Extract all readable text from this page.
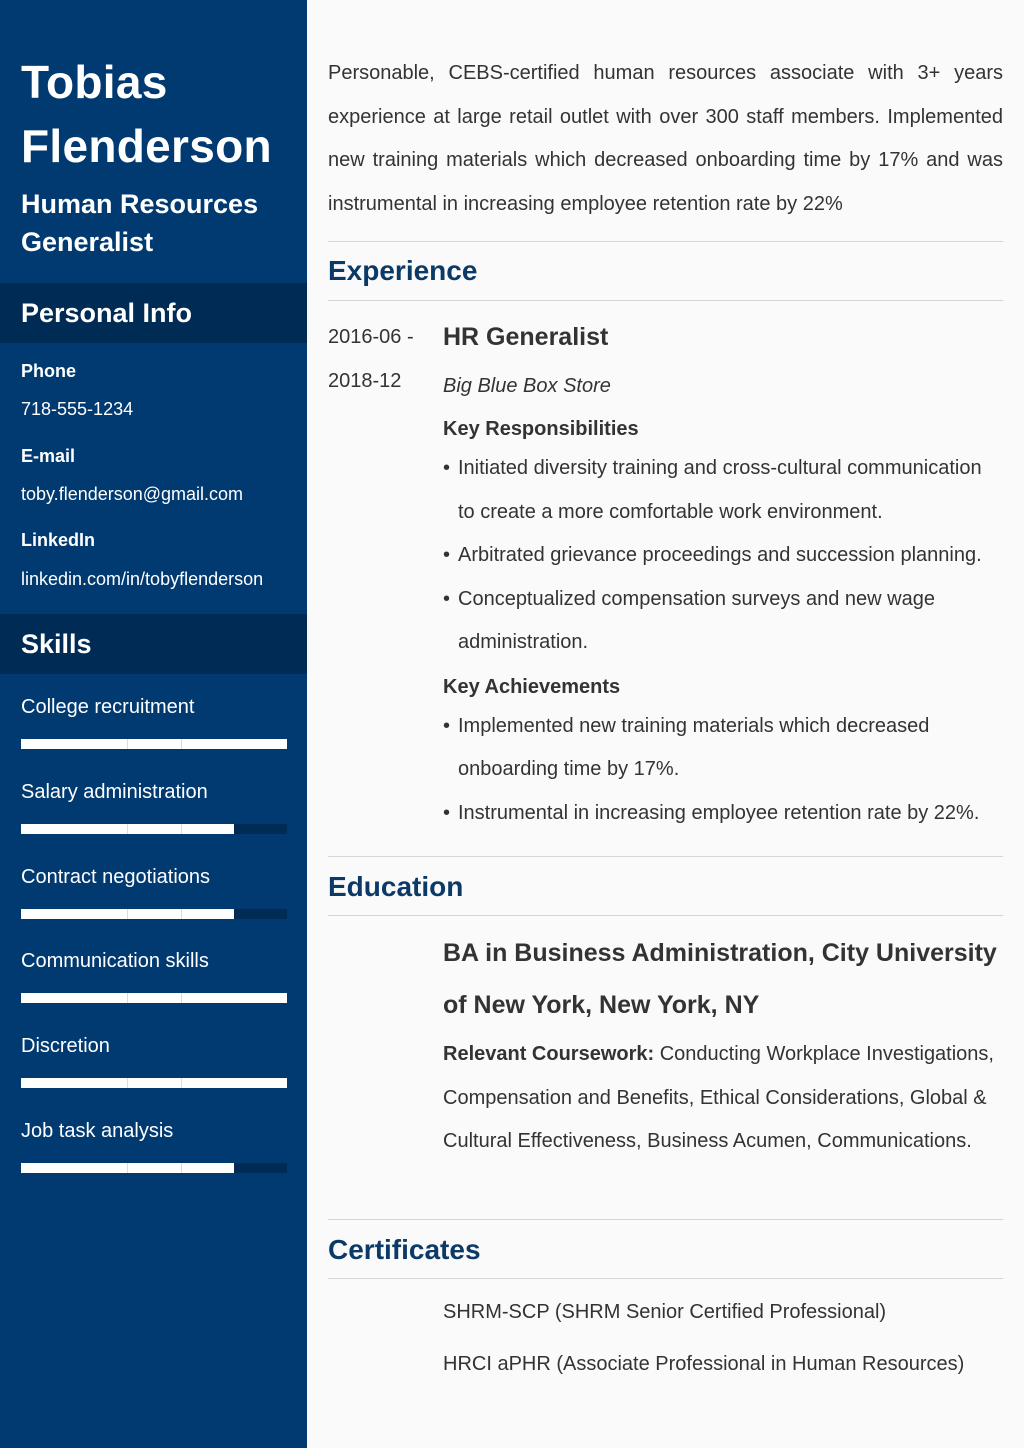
Tobias
Flenderson
Human Resources
Generalist
Personal Info
Phone
718-555-1234
E-mail
toby.flenderson@gmail.com
LinkedIn
linkedin.com/in/tobyflenderson
Skills
College recruitment
Salary administration
Contract negotiations
Communication skills
Discretion
Job task analysis

Personable, CEBS-certified human resources associate with 3+ years experience at large retail outlet with over 300 staff members. Implemented new training materials which decreased onboarding time by 17% and was instrumental in increasing employee retention rate by 22%

Experience
2016-06 -
2018-12
HR Generalist
Big Blue Box Store
Key Responsibilities
• Initiated diversity training and cross-cultural communication to create a more comfortable work environment.
• Arbitrated grievance proceedings and succession planning.
• Conceptualized compensation surveys and new wage administration.
Key Achievements
• Implemented new training materials which decreased onboarding time by 17%.
• Instrumental in increasing employee retention rate by 22%.
Education

BA in Business Administration, City University of New York, New York, NY

Relevant Coursework: Conducting Workplace Investigations, Compensation and Benefits, Ethical Considerations, Global & Cultural Effectiveness, Business Acumen, Communications.

Certificates
SHRM-SCP (SHRM Senior Certified Professional)
HRCI aPHR (Associate Professional in Human Resources)
